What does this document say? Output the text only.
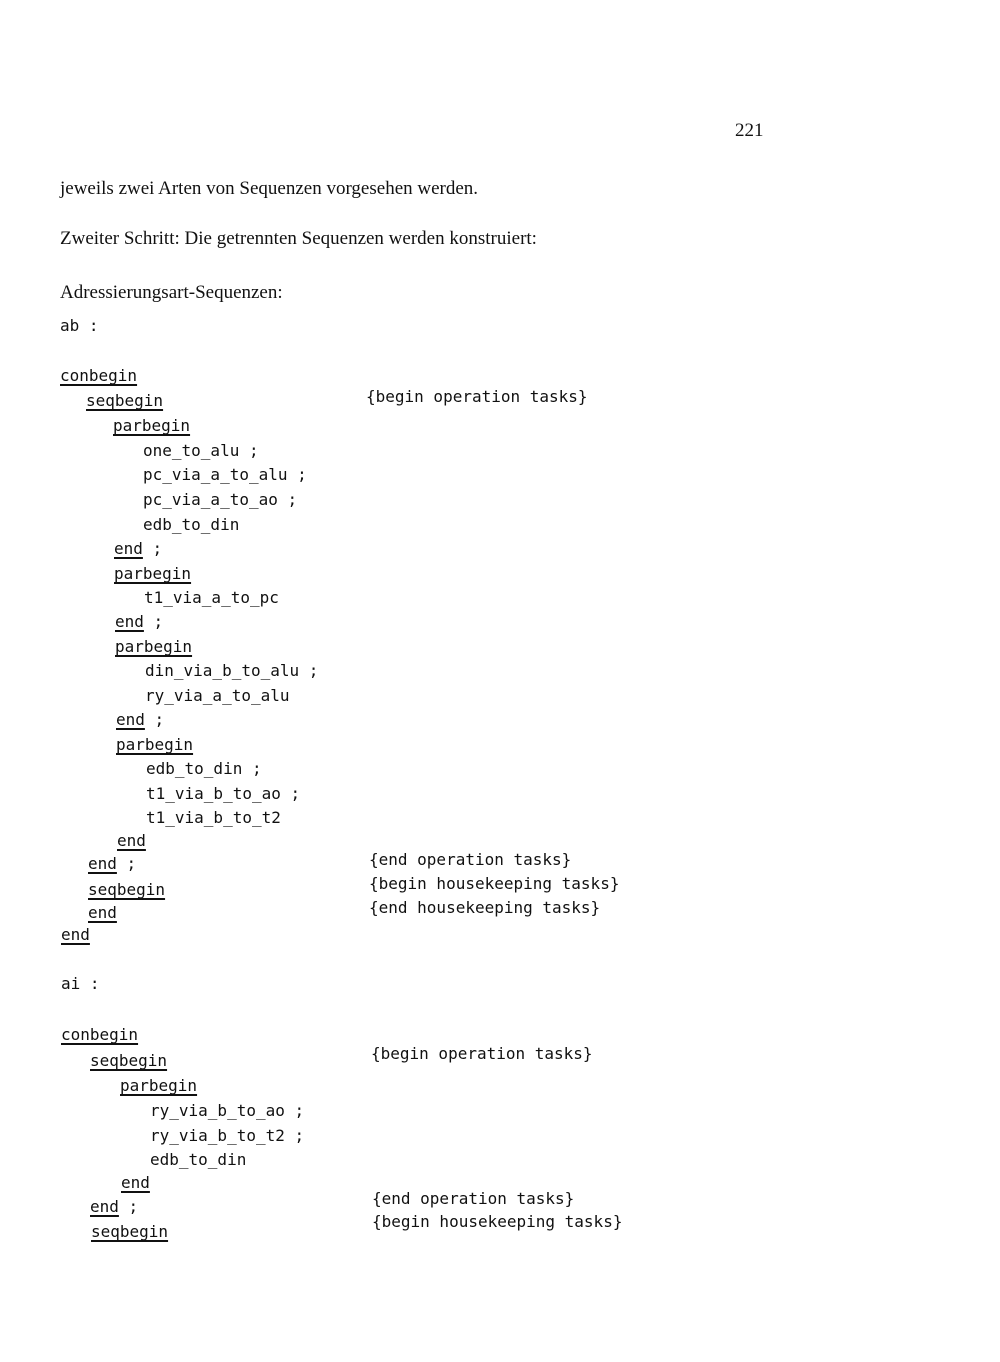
221
jeweils zwei Arten von Sequenzen vorgesehen werden.
Zweiter Schritt: Die getrennten Sequenzen werden konstruiert:
Adressierungsart-Sequenzen:
ab :
conbegin
seqbegin	{begin operation tasks}
parbegin
one_to_alu ;
pc_via_a_to_alu ;
pc_via_a_to_ao ;
edb_to_din
end ;
parbegin
t1_via_a_to_pc
end ;
parbegin
din_via_b_to_alu ;
ry_via_a_to_alu
end ;
parbegin
edb_to_din ;
t1_via_b_to_ao ;
t1_via_b_to_t2
end
end ;	{end operation tasks}
seqbegin	{begin housekeeping tasks}
end	{end housekeeping tasks}
end
ai :
conbegin
seqbegin	{begin operation tasks}
parbegin
ry_via_b_to_ao ;
ry_via_b_to_t2 ;
edb_to_din
end
end ;	{end operation tasks}
seqbegin
{begin housekeeping tasks}
